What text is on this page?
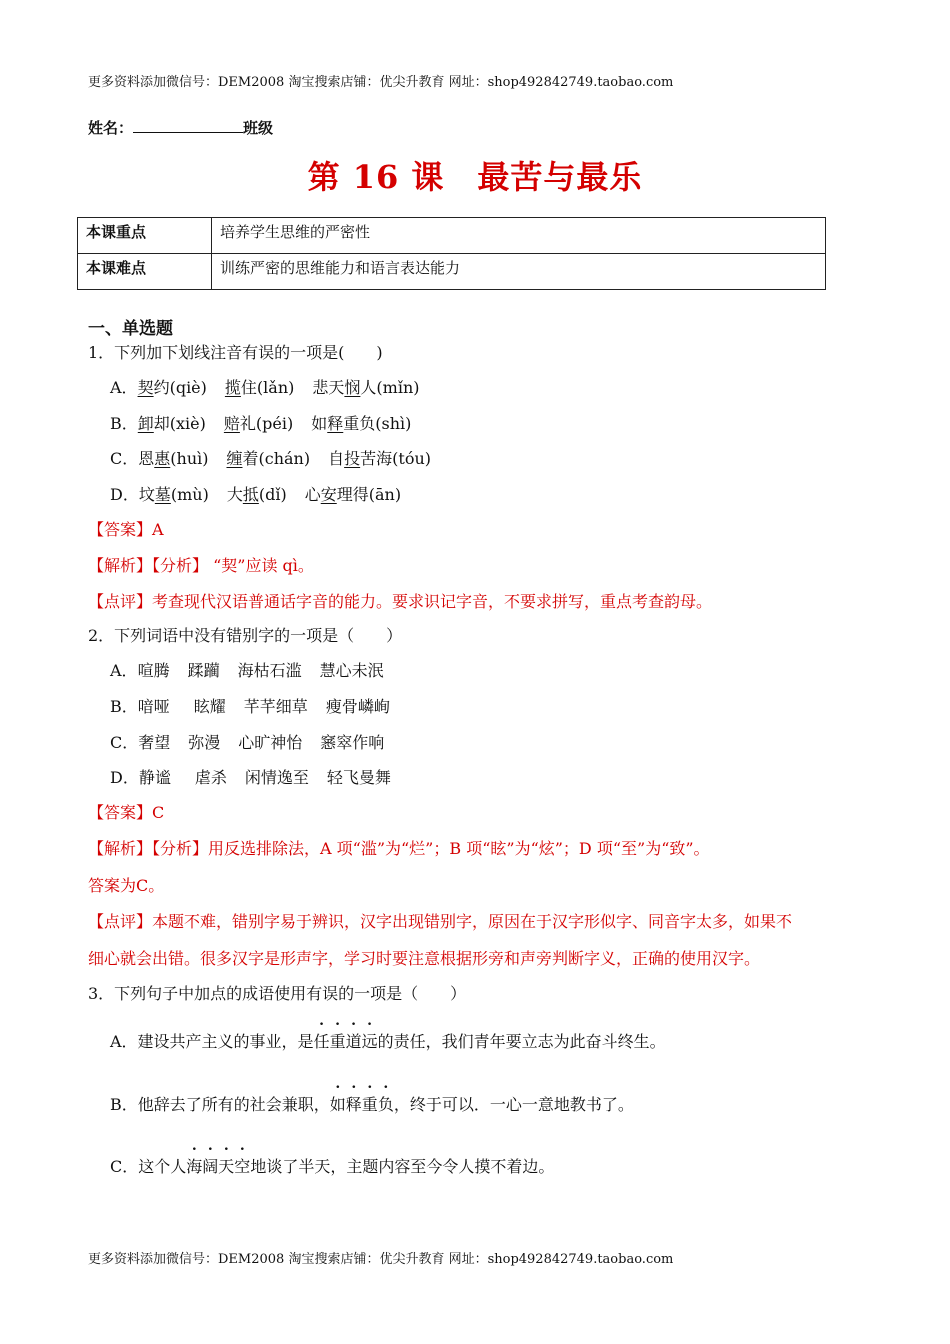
更多资料添加微信号：DEM2008 淘宝搜索店铺：优尖升教育 网址：shop492842749.taobao.com
姓名：	班级
第 16 课　最苦与最乐
本课重点	培养学生思维的严密性
本课难点	训练严密的思维能力和语言表达能力
一、单选题
1．下列加下划线注音有误的一项是(　　)
A．契约(qiè) 揽住(lǎn) 悲天悯人(mǐn)
B．卸却(xiè) 赔礼(péi) 如释重负(shì)
C．恩惠(huì) 缠着(chán) 自投苦海(tóu)
D．坟墓(mù) 大抵(dǐ) 心安理得(ān)
【答案】A
【解析】【分析】 “契”应读 qì。
【点评】考查现代汉语普通话字音的能力。要求识记字音，不要求拼写，重点考查韵母。
2．下列词语中没有错别字的一项是（　　）
A．喧腾 蹂躏 海枯石滥 慧心未泯
B．喑哑 眩耀 芊芊细草 瘦骨嶙峋
C．奢望 弥漫 心旷神怡 窸窣作响
D．静谧 虐杀 闲情逸至 轻飞曼舞
【答案】C
【解析】【分析】用反选排除法，A 项“滥”为“烂”；B 项“眩”为“炫”；D 项“至”为“致”。
答案为C。
【点评】本题不难，错别字易于辨识，汉字出现错别字，原因在于汉字形似字、同音字太多，如果不
细心就会出错。很多汉字是形声字，学习时要注意根据形旁和声旁判断字义，正确的使用汉字。
3．下列句子中加点的成语使用有误的一项是（　　）
A．建设共产主义的事业，是任重道远的责任，我们青年要立志为此奋斗终生。
B．他辞去了所有的社会兼职，如释重负，终于可以．一心一意地教书了。
C．这个人海阔天空地谈了半天，主题内容至今令人摸不着边。
更多资料添加微信号：DEM2008 淘宝搜索店铺：优尖升教育 网址：shop492842749.taobao.com
